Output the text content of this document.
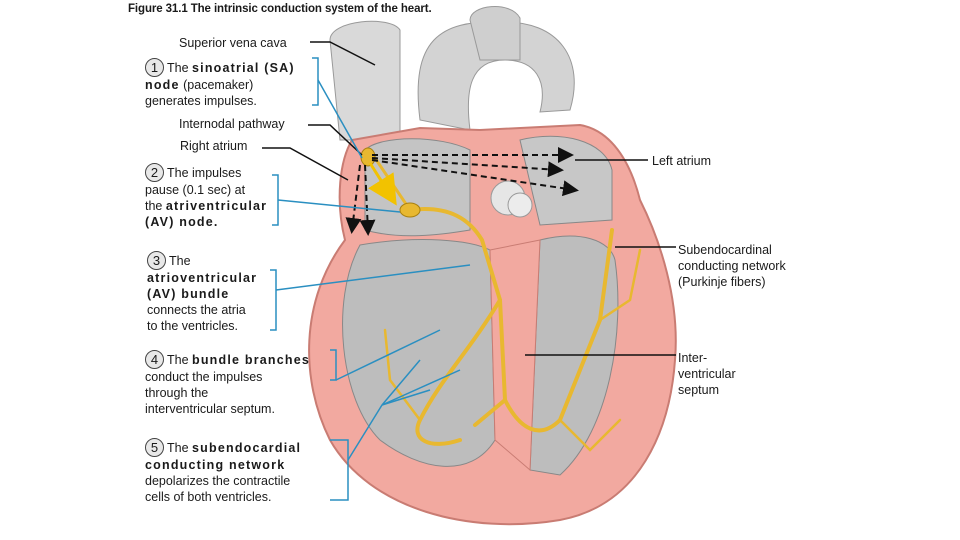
Figure 31.1 The intrinsic conduction system of the heart.
Superior vena cava
Internodal pathway
Right atrium
Left atrium
Subendocardinal
conducting network
(Purkinje fibers)
Inter-
ventricular
septum
1 The sinoatrial (SA)
node (pacemaker)
generates impulses.
2 The impulses
pause (0.1 sec) at
the atriventricular
(AV) node.
3 The
atrioventricular
(AV) bundle
connects the atria
to the ventricles.
4 The bundle branches
conduct the impulses
through the
interventricular septum.
5 The subendocardial
conducting network
depolarizes the contractile
cells of both ventricles.
